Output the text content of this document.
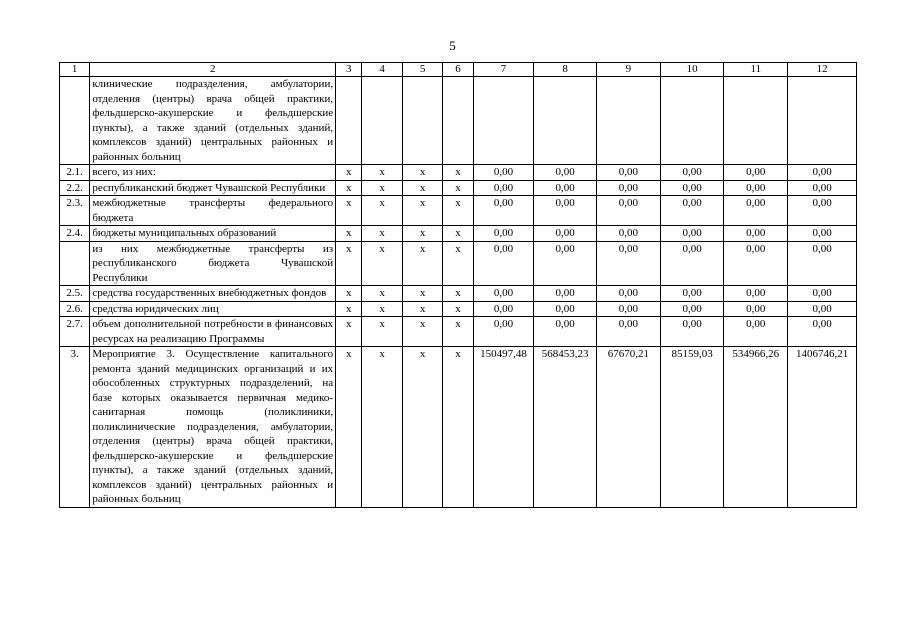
5
1	2	3	4	5	6	7	8	9	10	11	12
	клинические подразделения, амбулатории, отделения (центры) врача общей практики, фельдшерско-акушерские и фельдшерские пункты), а также зданий (отдельных зданий, комплексов зданий) центральных районных и районных больниц										
2.1.	всего, из них:	x	x	x	x	0,00	0,00	0,00	0,00	0,00	0,00
2.2.	республиканский бюджет Чувашской Республики	x	x	x	x	0,00	0,00	0,00	0,00	0,00	0,00
2.3.	межбюджетные трансферты федерального бюджета	x	x	x	x	0,00	0,00	0,00	0,00	0,00	0,00
2.4.	бюджеты муниципальных образований	x	x	x	x	0,00	0,00	0,00	0,00	0,00	0,00
	из них межбюджетные трансферты из республиканского бюджета Чувашской Республики	x	x	x	x	0,00	0,00	0,00	0,00	0,00	0,00
2.5.	средства государственных внебюджетных фондов	x	x	x	x	0,00	0,00	0,00	0,00	0,00	0,00
2.6.	средства юридических лиц	x	x	x	x	0,00	0,00	0,00	0,00	0,00	0,00
2.7.	объем дополнительной потребности в финансовых ресурсах на реализацию Программы	x	x	x	x	0,00	0,00	0,00	0,00	0,00	0,00
3.	Мероприятие 3. Осуществление капитального ремонта зданий медицинских организаций и их обособленных структурных подразделений, на базе которых оказывается первичная медико-санитарная помощь (поликлиники, поликлинические подразделения, амбулатории, отделения (центры) врача общей практики, фельдшерско-акушерские и фельдшерские пункты), а также зданий (отдельных зданий, комплексов зданий) центральных районных и районных больниц	x	x	x	x	150497,48	568453,23	67670,21	85159,03	534966,26	1406746,21
